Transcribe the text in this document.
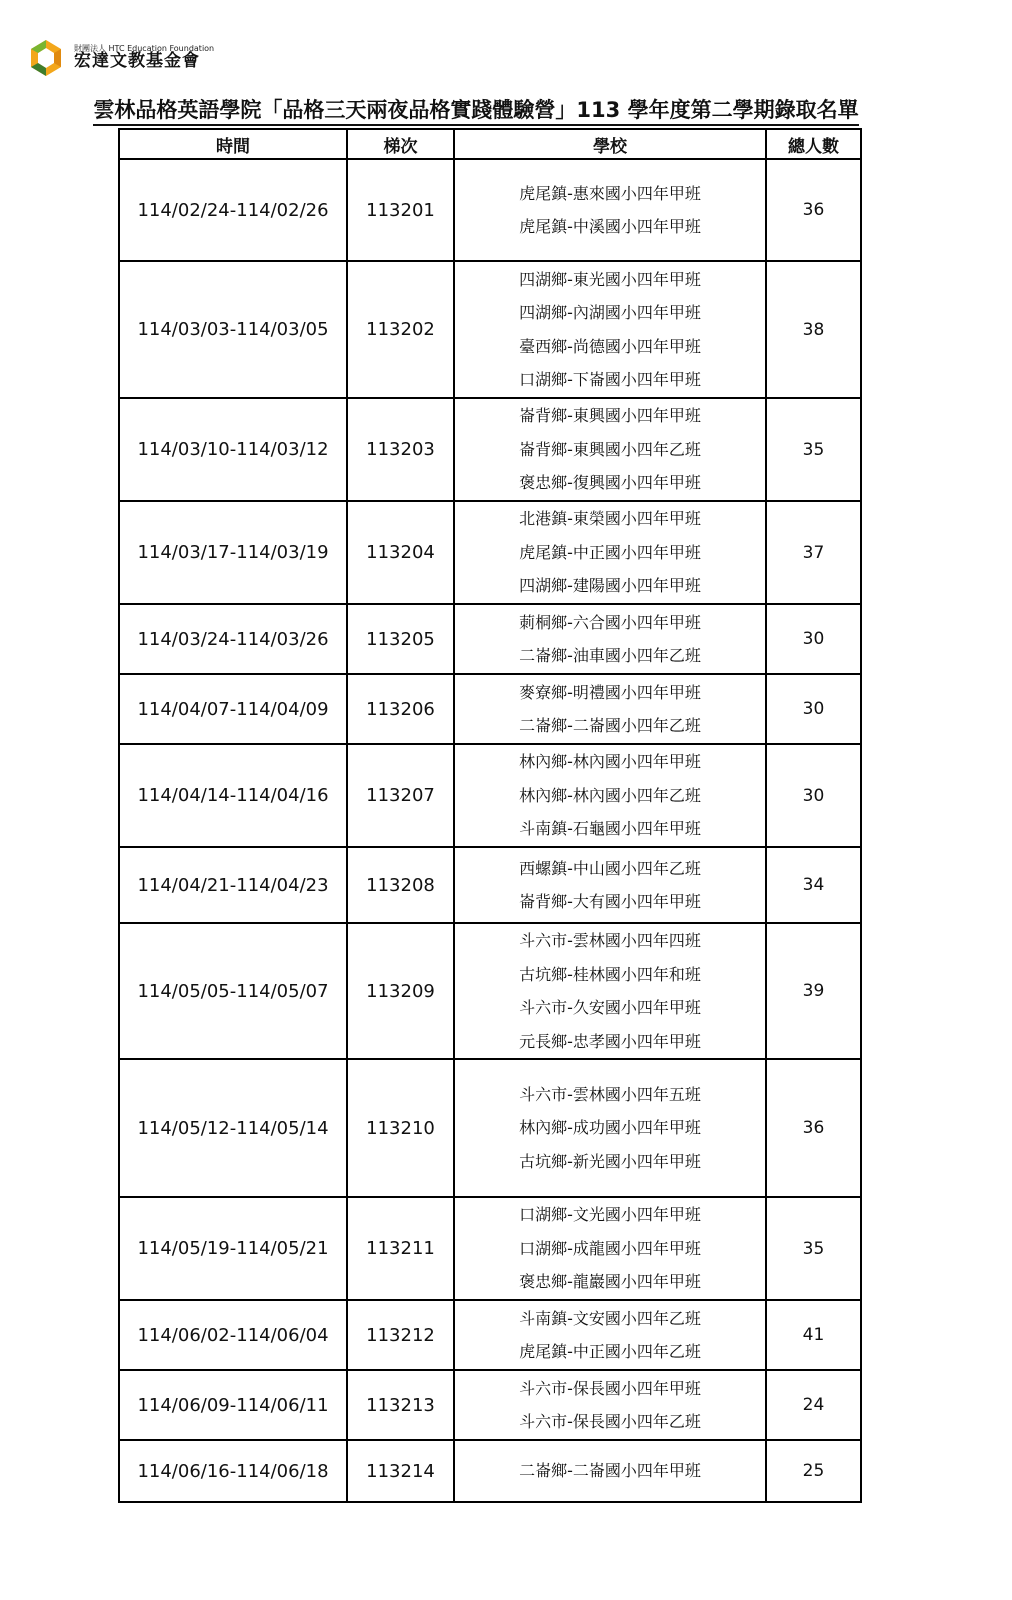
財團法人 HTC Education Foundation
宏達文教基金會
雲林品格英語學院「品格三天兩夜品格實踐體驗營」113 學年度第二學期錄取名單
時間	梯次	學校	總人數
114/02/24-114/02/26	113201	虎尾鎮-惠來國小四年甲班
虎尾鎮-中溪國小四年甲班	36
114/03/03-114/03/05	113202	四湖鄉-東光國小四年甲班
四湖鄉-內湖國小四年甲班
臺西鄉-尚德國小四年甲班
口湖鄉-下崙國小四年甲班	38
114/03/10-114/03/12	113203	崙背鄉-東興國小四年甲班
崙背鄉-東興國小四年乙班
褒忠鄉-復興國小四年甲班	35
114/03/17-114/03/19	113204	北港鎮-東榮國小四年甲班
虎尾鎮-中正國小四年甲班
四湖鄉-建陽國小四年甲班	37
114/03/24-114/03/26	113205	莿桐鄉-六合國小四年甲班
二崙鄉-油車國小四年乙班	30
114/04/07-114/04/09	113206	麥寮鄉-明禮國小四年甲班
二崙鄉-二崙國小四年乙班	30
114/04/14-114/04/16	113207	林內鄉-林內國小四年甲班
林內鄉-林內國小四年乙班
斗南鎮-石龜國小四年甲班	30
114/04/21-114/04/23	113208	西螺鎮-中山國小四年乙班
崙背鄉-大有國小四年甲班	34
114/05/05-114/05/07	113209	斗六市-雲林國小四年四班
古坑鄉-桂林國小四年和班
斗六市-久安國小四年甲班
元長鄉-忠孝國小四年甲班	39
114/05/12-114/05/14	113210	斗六市-雲林國小四年五班
林內鄉-成功國小四年甲班
古坑鄉-新光國小四年甲班	36
114/05/19-114/05/21	113211	口湖鄉-文光國小四年甲班
口湖鄉-成龍國小四年甲班
褒忠鄉-龍巖國小四年甲班	35
114/06/02-114/06/04	113212	斗南鎮-文安國小四年乙班
虎尾鎮-中正國小四年乙班	41
114/06/09-114/06/11	113213	斗六市-保長國小四年甲班
斗六市-保長國小四年乙班	24
114/06/16-114/06/18	113214	二崙鄉-二崙國小四年甲班	25
